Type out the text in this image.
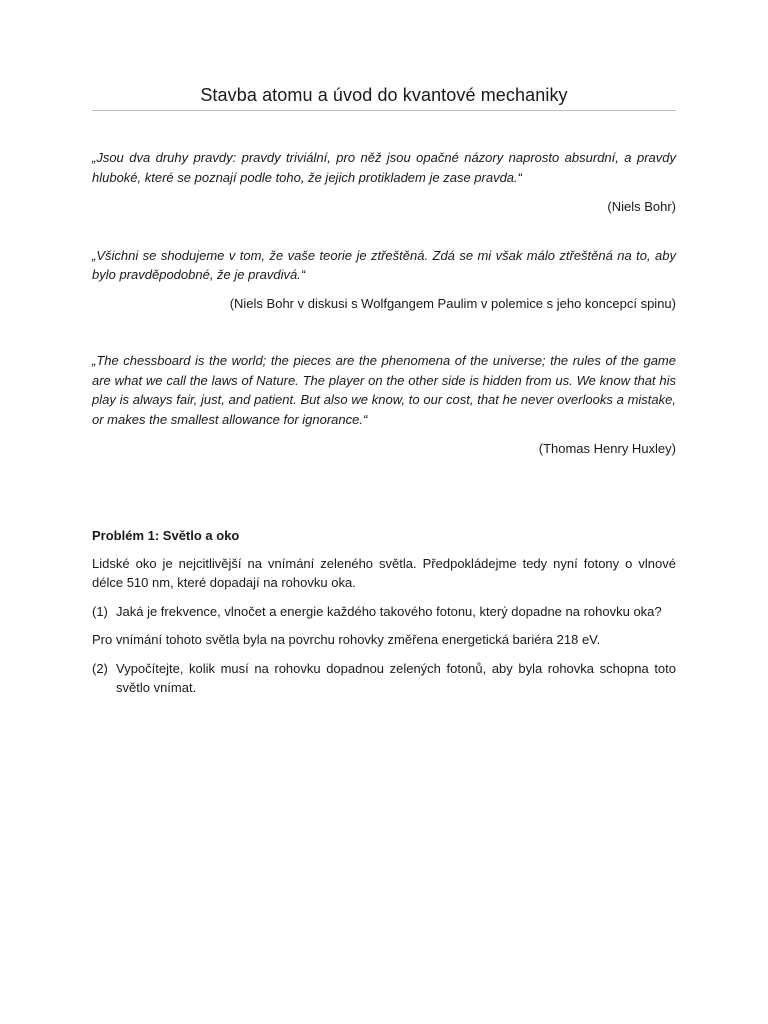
Stavba atomu a úvod do kvantové mechaniky

„Jsou dva druhy pravdy: pravdy triviální, pro něž jsou opačné názory naprosto absurdní, a pravdy hluboké, které se poznají podle toho, že jejich protikladem je zase pravda.“

(Niels Bohr)

„Všichni se shodujeme v tom, že vaše teorie je ztřeštěná. Zdá se mi však málo ztřeštěná na to, aby bylo pravděpodobné, že je pravdivá.“

(Niels Bohr v diskusi s Wolfgangem Paulim v polemice s jeho koncepcí spinu)

„The chessboard is the world; the pieces are the phenomena of the universe; the rules of the game are what we call the laws of Nature. The player on the other side is hidden from us. We know that his play is always fair, just, and patient. But also we know, to our cost, that he never overlooks a mistake, or makes the smallest allowance for ignorance.“

(Thomas Henry Huxley)

Problém 1: Světlo a oko

Lidské oko je nejcitlivější na vnímání zeleného světla. Předpokládejme tedy nyní fotony o vlnové délce 510 nm, které dopadají na rohovku oka.

(1) Jaká je frekvence, vlnočet a energie každého takového fotonu, který dopadne na rohovku oka?

Pro vnímání tohoto světla byla na povrchu rohovky změřena energetická bariéra 218 eV.

(2) Vypočítejte, kolik musí na rohovku dopadnou zelených fotonů, aby byla rohovka schopna toto světlo vnímat.
